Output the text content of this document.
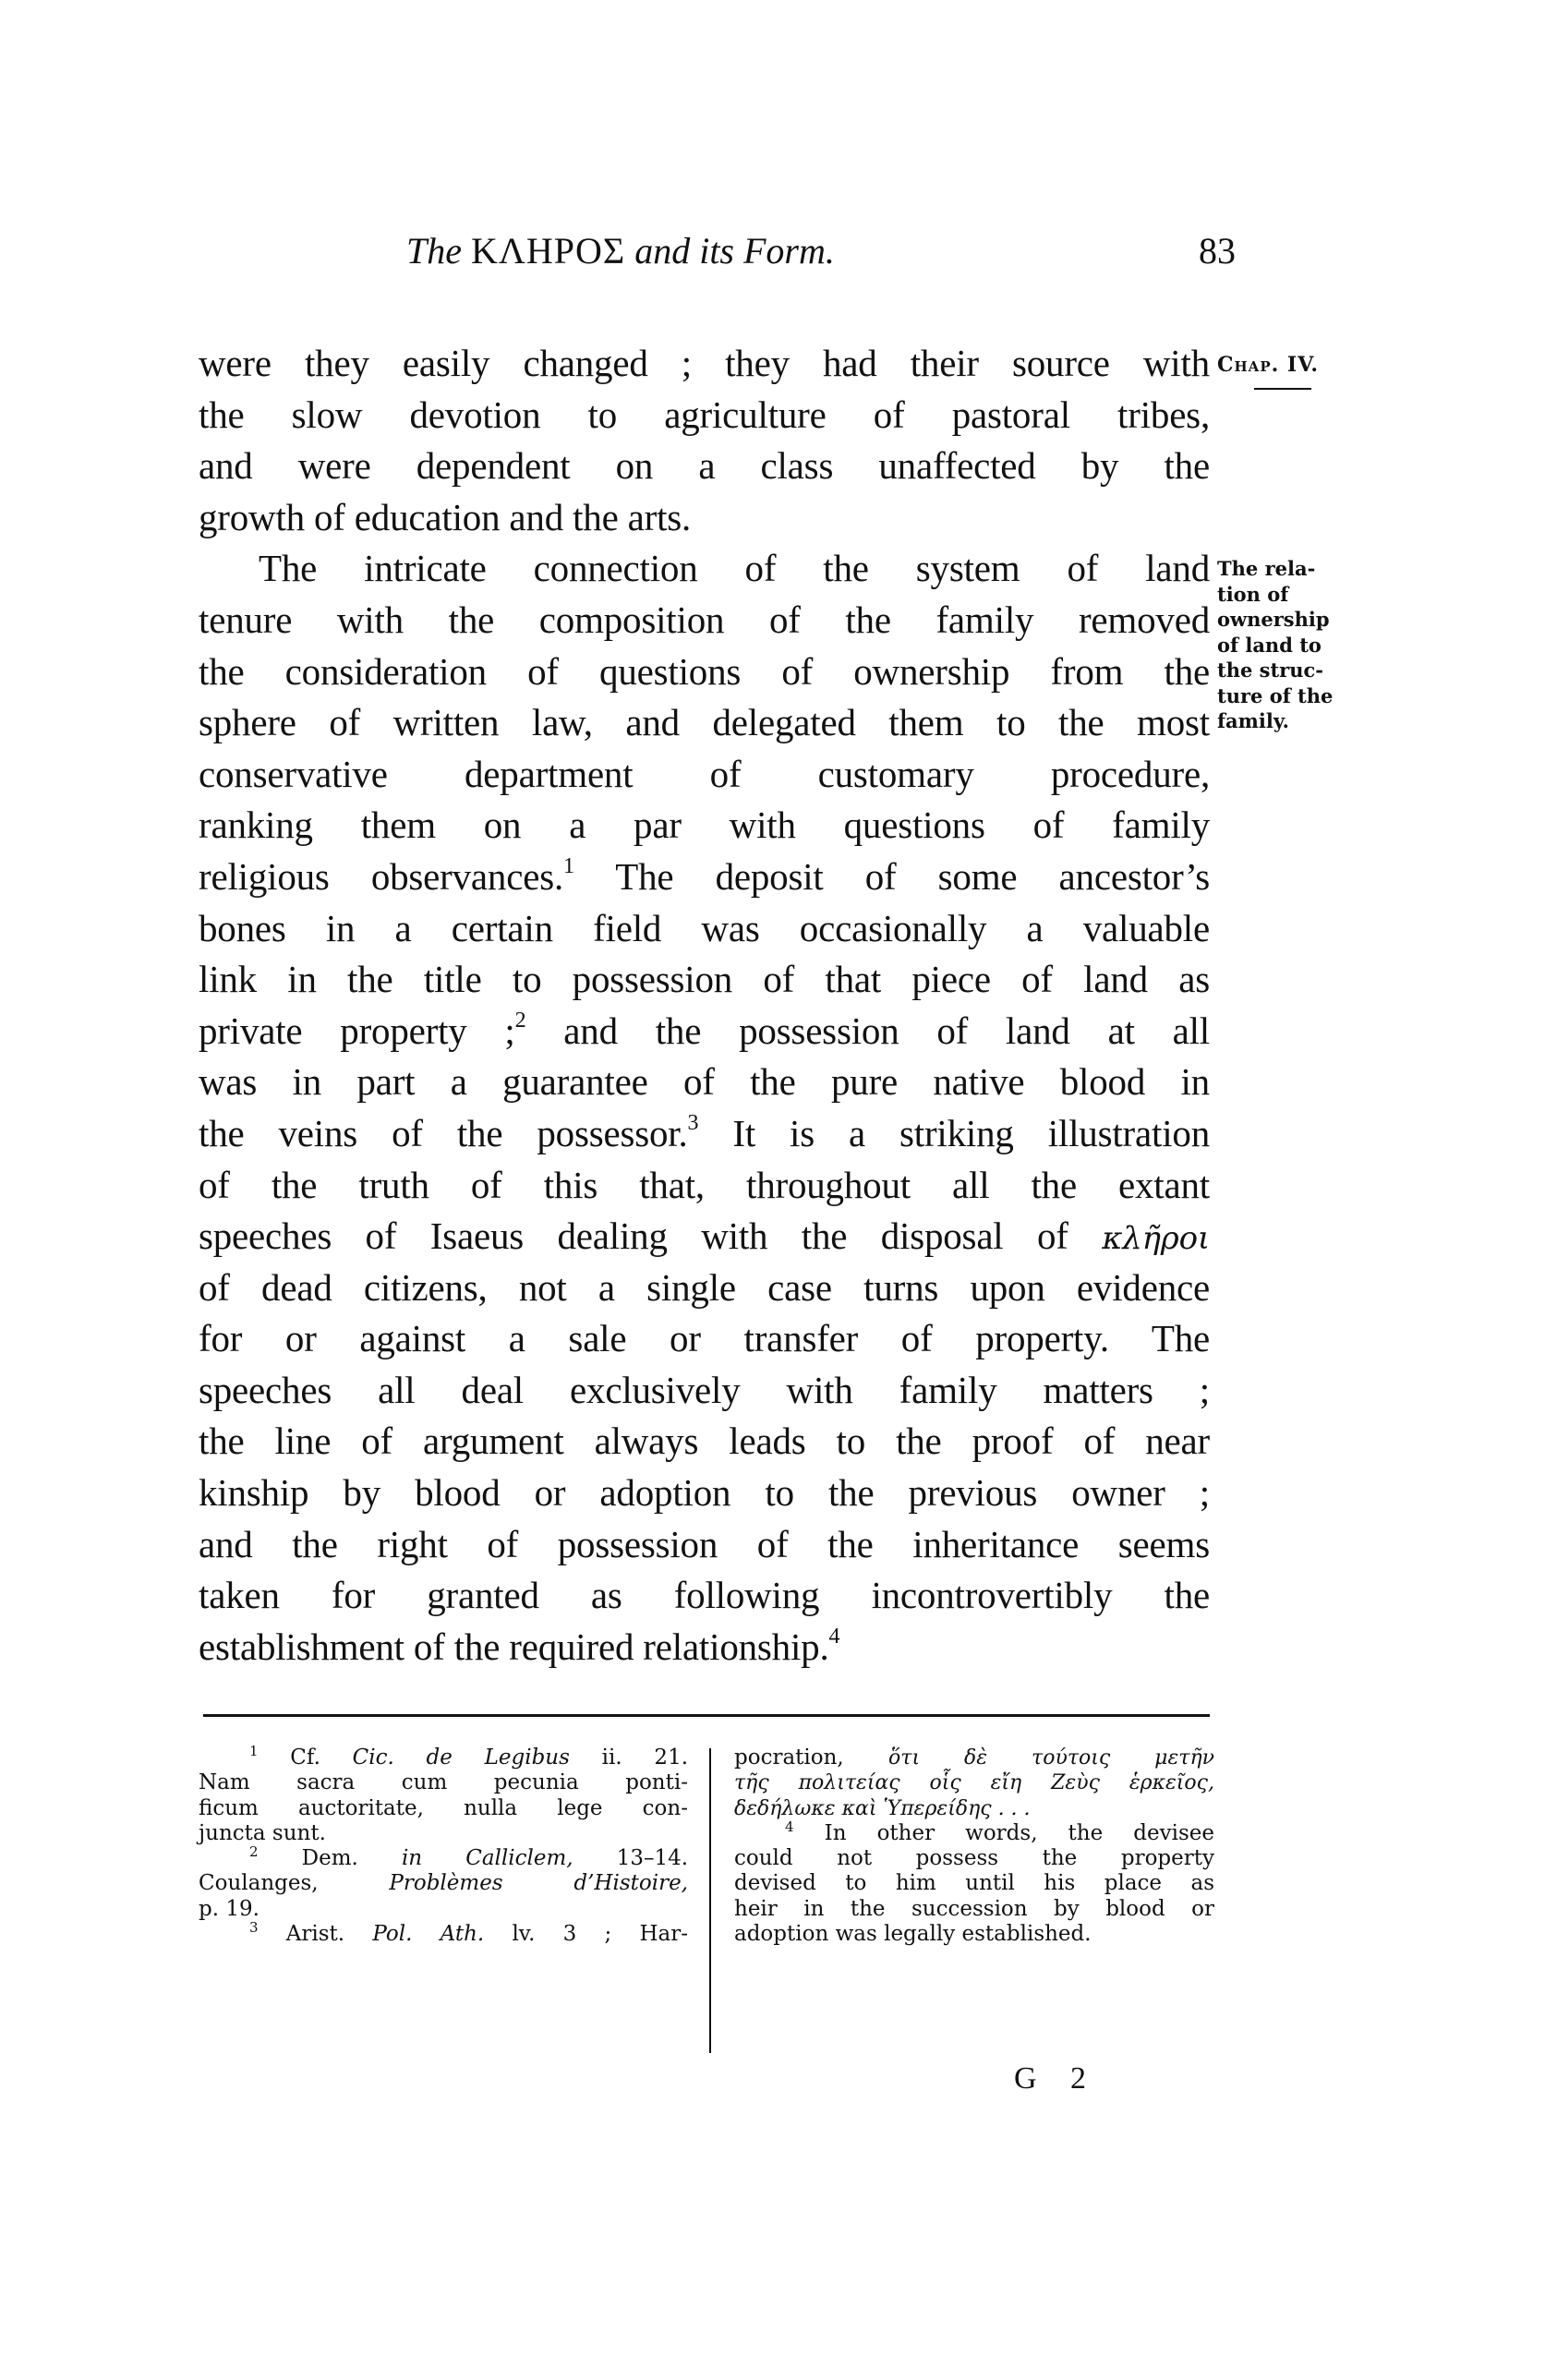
The ΚΛΗΡΟΣ and its Form.	83
Chap. IV.
The rela-
tion of
ownership
of land to
the struc-
ture of the
family.
were they easily changed ; they had their source with
the slow devotion to agriculture of pastoral tribes,
and were dependent on a class unaffected by the
growth of education and the arts.
The intricate connection of the system of land
tenure with the composition of the family removed
the consideration of questions of ownership from the
sphere of written law, and delegated them to the most
conservative department of customary procedure,
ranking them on a par with questions of family
religious observances.$^1$ The deposit of some ancestor’s
bones in a certain field was occasionally a valuable
link in the title to possession of that piece of land as
private property ;$^2$ and the possession of land at all
was in part a guarantee of the pure native blood in
the veins of the possessor.$^3$ It is a striking illustration
of the truth of this that, throughout all the extant
speeches of Isaeus dealing with the disposal of κλῆροι
of dead citizens, not a single case turns upon evidence
for or against a sale or transfer of property. The
speeches all deal exclusively with family matters ;
the line of argument always leads to the proof of near
kinship by blood or adoption to the previous owner ;
and the right of possession of the inheritance seems
taken for granted as following incontrovertibly the
establishment of the required relationship.$^4$
$^1$ Cf. Cic. de Legibus ii. 21.
Nam sacra cum pecunia ponti-
ficum auctoritate, nulla lege con-
juncta sunt.
$^2$ Dem. in Calliclem, 13–14.
Coulanges,	Problèmes d’Histoire,
p. 19.
$^3$ Arist. Pol. Ath. lv. 3 ; Har-
pocration, ὅτι δὲ τούτοις μετῆν
τῆς πολιτείας οἷς εἴη Ζεὺς ἑρκεῖος,
δεδήλωκε καὶ Ὑπερείδης . . .
$^4$ In other words, the devisee
could not possess the property
devised to him until his place as
heir in the succession by blood or
adoption was legally established.
G 2
